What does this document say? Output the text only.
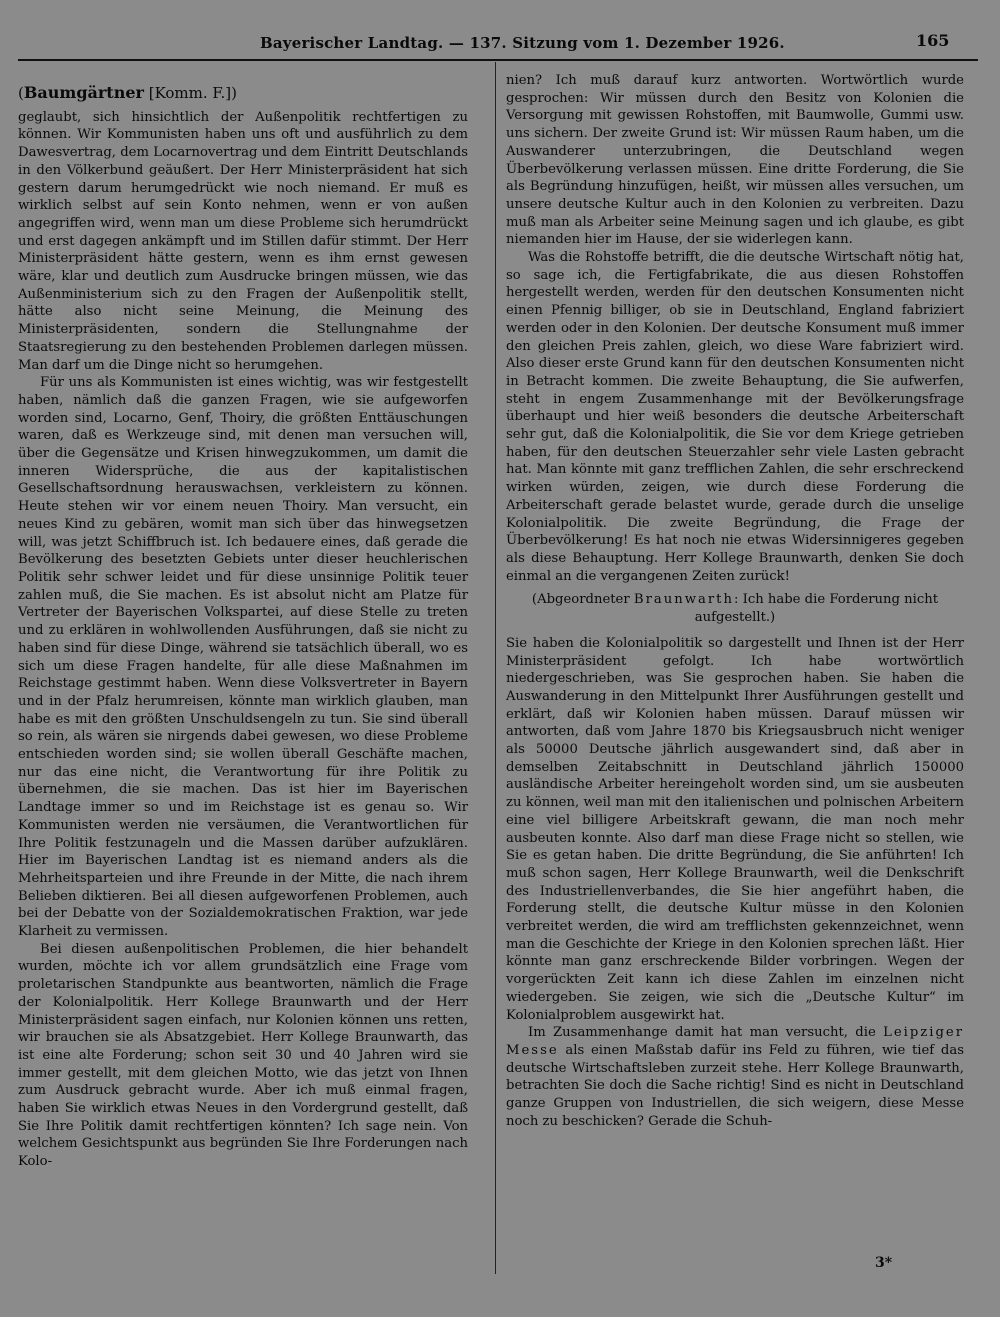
Bayerischer Landtag. — 137. Sitzung vom 1. Dezember 1926.	165
(Baumgärtner [Komm. F.])

geglaubt, sich hinsichtlich der Außenpolitik rechtfertigen zu können. Wir Kommunisten haben uns oft und ausführlich zu dem Dawesvertrag, dem Locarnovertrag und dem Eintritt Deutschlands in den Völkerbund geäußert. Der Herr Ministerpräsident hat sich gestern darum herumgedrückt wie noch niemand. Er muß es wirklich selbst auf sein Konto nehmen, wenn er von außen angegriffen wird, wenn man um diese Probleme sich herumdrückt und erst dagegen ankämpft und im Stillen dafür stimmt. Der Herr Ministerpräsident hätte gestern, wenn es ihm ernst gewesen wäre, klar und deutlich zum Ausdrucke bringen müssen, wie das Außenministerium sich zu den Fragen der Außenpolitik stellt, hätte also nicht seine Meinung, die Meinung des Ministerpräsidenten, sondern die Stellungnahme der Staatsregierung zu den bestehenden Problemen darlegen müssen. Man darf um die Dinge nicht so herumgehen.

Für uns als Kommunisten ist eines wichtig, was wir festgestellt haben, nämlich daß die ganzen Fragen, wie sie aufgeworfen worden sind, Locarno, Genf, Thoiry, die größten Enttäuschungen waren, daß es Werkzeuge sind, mit denen man versuchen will, über die Gegensätze und Krisen hinwegzukommen, um damit die inneren Widersprüche, die aus der kapitalistischen Gesellschaftsordnung herauswachsen, verkleistern zu können. Heute stehen wir vor einem neuen Thoiry. Man versucht, ein neues Kind zu gebären, womit man sich über das hinwegsetzen will, was jetzt Schiffbruch ist. Ich bedauere eines, daß gerade die Bevölkerung des besetzten Gebiets unter dieser heuchlerischen Politik sehr schwer leidet und für diese unsinnige Politik teuer zahlen muß, die Sie machen. Es ist absolut nicht am Platze für Vertreter der Bayerischen Volkspartei, auf diese Stelle zu treten und zu erklären in wohlwollenden Ausführungen, daß sie nicht zu haben sind für diese Dinge, während sie tatsächlich überall, wo es sich um diese Fragen handelte, für alle diese Maßnahmen im Reichstage gestimmt haben. Wenn diese Volksvertreter in Bayern und in der Pfalz herumreisen, könnte man wirklich glauben, man habe es mit den größten Unschuldsengeln zu tun. Sie sind überall so rein, als wären sie nirgends dabei gewesen, wo diese Probleme entschieden worden sind; sie wollen überall Geschäfte machen, nur das eine nicht, die Verantwortung für ihre Politik zu übernehmen, die sie machen. Das ist hier im Bayerischen Landtage immer so und im Reichstage ist es genau so. Wir Kommunisten werden nie versäumen, die Verantwortlichen für Ihre Politik festzunageln und die Massen darüber aufzuklären. Hier im Bayerischen Landtag ist es niemand anders als die Mehrheitsparteien und ihre Freunde in der Mitte, die nach ihrem Belieben diktieren. Bei all diesen aufgeworfenen Problemen, auch bei der Debatte von der Sozialdemokratischen Fraktion, war jede Klarheit zu vermissen.

Bei diesen außenpolitischen Problemen, die hier behandelt wurden, möchte ich vor allem grundsätzlich eine Frage vom proletarischen Standpunkte aus beantworten, nämlich die Frage der Kolonialpolitik. Herr Kollege Braunwarth und der Herr Ministerpräsident sagen einfach, nur Kolonien können uns retten, wir brauchen sie als Absatzgebiet. Herr Kollege Braunwarth, das ist eine alte Forderung; schon seit 30 und 40 Jahren wird sie immer gestellt, mit dem gleichen Motto, wie das jetzt von Ihnen zum Ausdruck gebracht wurde. Aber ich muß einmal fragen, haben Sie wirklich etwas Neues in den Vordergrund gestellt, daß Sie Ihre Politik damit rechtfertigen könnten? Ich sage nein. Von welchem Gesichtspunkt aus begründen Sie Ihre Forderungen nach Kolo-

nien? Ich muß darauf kurz antworten. Wortwörtlich wurde gesprochen: Wir müssen durch den Besitz von Kolonien die Versorgung mit gewissen Rohstoffen, mit Baumwolle, Gummi usw. uns sichern. Der zweite Grund ist: Wir müssen Raum haben, um die Auswanderer unterzubringen, die Deutschland wegen Überbevölkerung verlassen müssen. Eine dritte Forderung, die Sie als Begründung hinzufügen, heißt, wir müssen alles versuchen, um unsere deutsche Kultur auch in den Kolonien zu verbreiten. Dazu muß man als Arbeiter seine Meinung sagen und ich glaube, es gibt niemanden hier im Hause, der sie widerlegen kann.

Was die Rohstoffe betrifft, die die deutsche Wirtschaft nötig hat, so sage ich, die Fertigfabrikate, die aus diesen Rohstoffen hergestellt werden, werden für den deutschen Konsumenten nicht einen Pfennig billiger, ob sie in Deutschland, England fabriziert werden oder in den Kolonien. Der deutsche Konsument muß immer den gleichen Preis zahlen, gleich, wo diese Ware fabriziert wird. Also dieser erste Grund kann für den deutschen Konsumenten nicht in Betracht kommen. Die zweite Behauptung, die Sie aufwerfen, steht in engem Zusammenhange mit der Bevölkerungsfrage überhaupt und hier weiß besonders die deutsche Arbeiterschaft sehr gut, daß die Kolonialpolitik, die Sie vor dem Kriege getrieben haben, für den deutschen Steuerzahler sehr viele Lasten gebracht hat. Man könnte mit ganz trefflichen Zahlen, die sehr erschreckend wirken würden, zeigen, wie durch diese Forderung die Arbeiterschaft gerade belastet wurde, gerade durch die unselige Kolonialpolitik. Die zweite Begründung, die Frage der Überbevölkerung! Es hat noch nie etwas Widersinnigeres gegeben als diese Behauptung. Herr Kollege Braunwarth, denken Sie doch einmal an die vergangenen Zeiten zurück!

(Abgeordneter Braunwarth: Ich habe die Forderung nicht aufgestellt.)

Sie haben die Kolonialpolitik so dargestellt und Ihnen ist der Herr Ministerpräsident gefolgt. Ich habe wortwörtlich niedergeschrieben, was Sie gesprochen haben. Sie haben die Auswanderung in den Mittelpunkt Ihrer Ausführungen gestellt und erklärt, daß wir Kolonien haben müssen. Darauf müssen wir antworten, daß vom Jahre 1870 bis Kriegsausbruch nicht weniger als 50000 Deutsche jährlich ausgewandert sind, daß aber in demselben Zeitabschnitt in Deutschland jährlich 150000 ausländische Arbeiter hereingeholt worden sind, um sie ausbeuten zu können, weil man mit den italienischen und polnischen Arbeitern eine viel billigere Arbeitskraft gewann, die man noch mehr ausbeuten konnte. Also darf man diese Frage nicht so stellen, wie Sie es getan haben. Die dritte Begründung, die Sie anführten! Ich muß schon sagen, Herr Kollege Braunwarth, weil die Denkschrift des Industriellenverbandes, die Sie hier angeführt haben, die Forderung stellt, die deutsche Kultur müsse in den Kolonien verbreitet werden, die wird am trefflichsten gekennzeichnet, wenn man die Geschichte der Kriege in den Kolonien sprechen läßt. Hier könnte man ganz erschreckende Bilder vorbringen. Wegen der vorgerückten Zeit kann ich diese Zahlen im einzelnen nicht wiedergeben. Sie zeigen, wie sich die „Deutsche Kultur“ im Kolonialproblem ausgewirkt hat.

Im Zusammenhange damit hat man versucht, die Leipziger Messe als einen Maßstab dafür ins Feld zu führen, wie tief das deutsche Wirtschaftsleben zurzeit stehe. Herr Kollege Braunwarth, betrachten Sie doch die Sache richtig! Sind es nicht in Deutschland ganze Gruppen von Industriellen, die sich weigern, diese Messe noch zu beschicken? Gerade die Schuh-

3*
